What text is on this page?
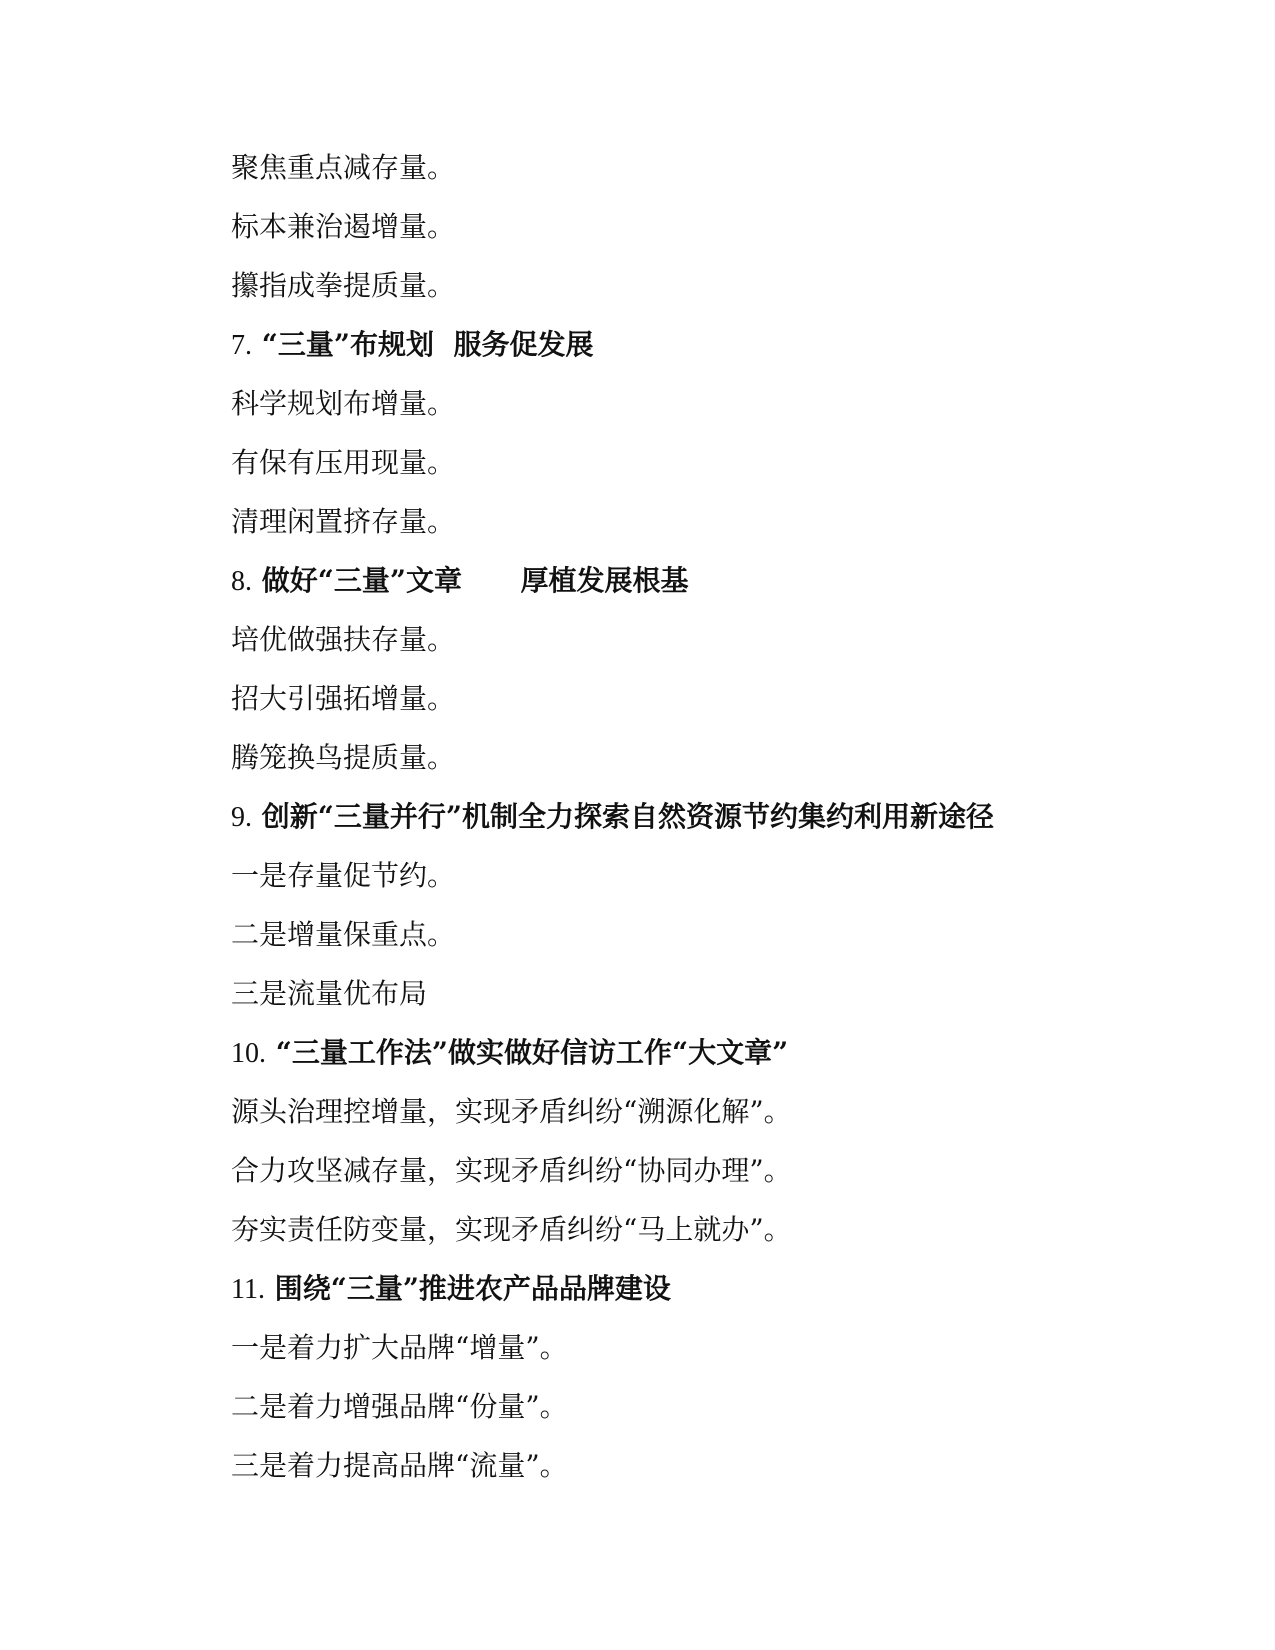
聚焦重点减存量。
标本兼治遏增量。
攥指成拳提质量。
7. “三量”布规划  服务促发展
科学规划布增量。
有保有压用现量。
清理闲置挤存量。
8. 做好“三量”文章      厚植发展根基
培优做强扶存量。
招大引强拓增量。
腾笼换鸟提质量。
9. 创新“三量并行”机制全力探索自然资源节约集约利用新途径
一是存量促节约。
二是增量保重点。
三是流量优布局
10. “三量工作法”做实做好信访工作“大文章”
源头治理控增量，实现矛盾纠纷“溯源化解”。
合力攻坚减存量，实现矛盾纠纷“协同办理”。
夯实责任防变量，实现矛盾纠纷“马上就办”。
11. 围绕“三量”推进农产品品牌建设
一是着力扩大品牌“增量”。
二是着力增强品牌“份量”。
三是着力提高品牌“流量”。
